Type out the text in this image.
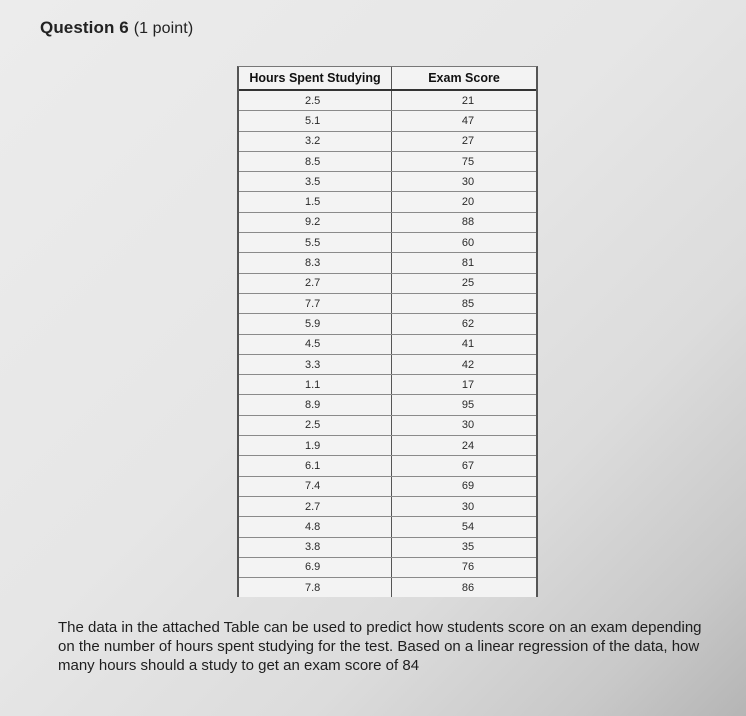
Question 6 (1 point)
Hours Spent Studying	Exam Score
2.5	21
5.1	47
3.2	27
8.5	75
3.5	30
1.5	20
9.2	88
5.5	60
8.3	81
2.7	25
7.7	85
5.9	62
4.5	41
3.3	42
1.1	17
8.9	95
2.5	30
1.9	24
6.1	67
7.4	69
2.7	30
4.8	54
3.8	35
6.9	76
7.8	86

The data in the attached Table can be used to predict how students score on an exam depending on the number of hours spent studying for the test. Based on a linear regression of the data, how many hours should a study to get an exam score of 84
